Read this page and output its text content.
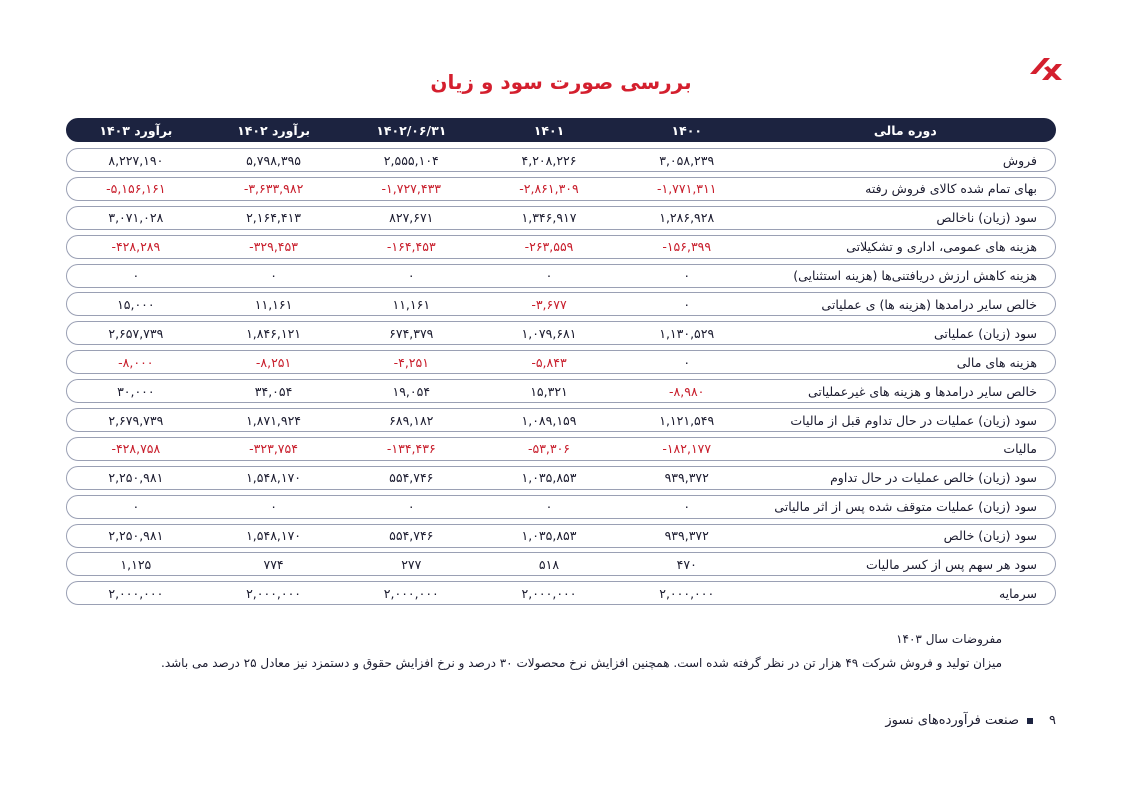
بررسی صورت سود و زیان
دوره مالی
۱۴۰۰
۱۴۰۱
۱۴۰۲/۰۶/۳۱
۱۴۰۲ برآورد
۱۴۰۳ برآورد
فروش
۳,۰۵۸,۲۳۹
۴,۲۰۸,۲۲۶
۲,۵۵۵,۱۰۴
۵,۷۹۸,۳۹۵
۸,۲۲۷,۱۹۰
بهای تمام شده کالای فروش رفته
-۱,۷۷۱,۳۱۱
-۲,۸۶۱,۳۰۹
-۱,۷۲۷,۴۳۳
-۳,۶۳۳,۹۸۲
-۵,۱۵۶,۱۶۱
سود (زیان) ناخالص
۱,۲۸۶,۹۲۸
۱,۳۴۶,۹۱۷
۸۲۷,۶۷۱
۲,۱۶۴,۴۱۳
۳,۰۷۱,۰۲۸
هزینه های عمومی، اداری و تشکیلاتی
-۱۵۶,۳۹۹
-۲۶۳,۵۵۹
-۱۶۴,۴۵۳
-۳۲۹,۴۵۳
-۴۲۸,۲۸۹
هزینه کاهش ارزش دریافتنی‌ها (هزینه استثنایی)
۰
۰
۰
۰
۰
خالص سایر درامدها (هزینه ها) ی عملیاتی
۰
-۳,۶۷۷
۱۱,۱۶۱
۱۱,۱۶۱
۱۵,۰۰۰
سود (زیان) عملیاتی
۱,۱۳۰,۵۲۹
۱,۰۷۹,۶۸۱
۶۷۴,۳۷۹
۱,۸۴۶,۱۲۱
۲,۶۵۷,۷۳۹
هزینه های مالی
۰
-۵,۸۴۳
-۴,۲۵۱
-۸,۲۵۱
-۸,۰۰۰
خالص سایر درامدها و هزینه های غیرعملیاتی
-۸,۹۸۰
۱۵,۳۲۱
۱۹,۰۵۴
۳۴,۰۵۴
۳۰,۰۰۰
سود (زیان) عملیات در حال تداوم قبل از مالیات
۱,۱۲۱,۵۴۹
۱,۰۸۹,۱۵۹
۶۸۹,۱۸۲
۱,۸۷۱,۹۲۴
۲,۶۷۹,۷۳۹
مالیات
-۱۸۲,۱۷۷
-۵۳,۳۰۶
-۱۳۴,۴۳۶
-۳۲۳,۷۵۴
-۴۲۸,۷۵۸
سود (زیان) خالص عملیات در حال تداوم
۹۳۹,۳۷۲
۱,۰۳۵,۸۵۳
۵۵۴,۷۴۶
۱,۵۴۸,۱۷۰
۲,۲۵۰,۹۸۱
سود (زیان) عملیات متوقف شده پس از اثر مالیاتی
۰
۰
۰
۰
۰
سود (زیان) خالص
۹۳۹,۳۷۲
۱,۰۳۵,۸۵۳
۵۵۴,۷۴۶
۱,۵۴۸,۱۷۰
۲,۲۵۰,۹۸۱
سود هر سهم پس از کسر مالیات
۴۷۰
۵۱۸
۲۷۷
۷۷۴
۱,۱۲۵
سرمایه
۲,۰۰۰,۰۰۰
۲,۰۰۰,۰۰۰
۲,۰۰۰,۰۰۰
۲,۰۰۰,۰۰۰
۲,۰۰۰,۰۰۰
مفروضات سال ۱۴۰۳
میزان تولید و فروش شرکت ۴۹ هزار تن در نظر گرفته شده است. همچنین افزایش نرخ محصولات ۳۰ درصد و نرخ افزایش حقوق و دستمزد نیز معادل ۲۵ درصد می باشد.
۹
صنعت فرآورده‌های نسوز
